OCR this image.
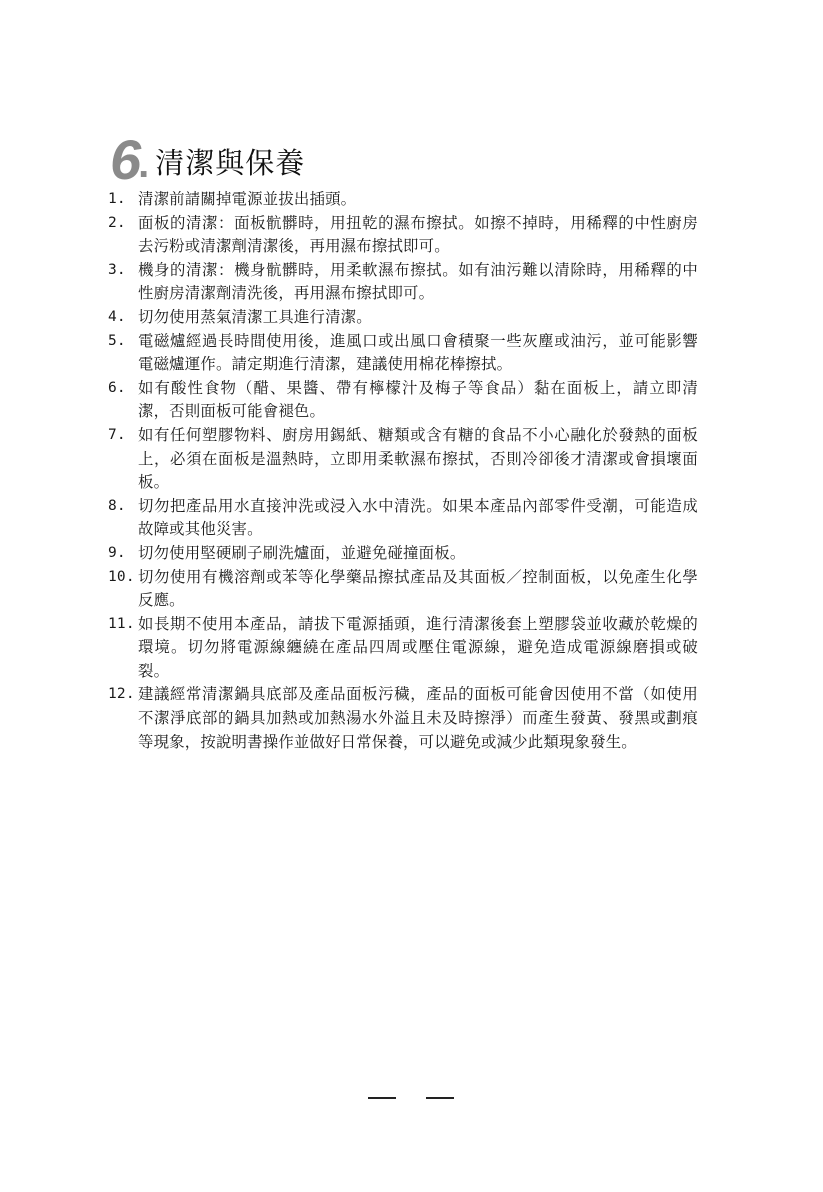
6
. 清潔與保養
1. 清潔前請關掉電源並拔出插頭。
2. 面板的清潔：面板骯髒時，用扭乾的濕布擦拭。如擦不掉時，用稀釋的中性廚房去污粉或清潔劑清潔後，再用濕布擦拭即可。
3. 機身的清潔：機身骯髒時，用柔軟濕布擦拭。如有油污難以清除時，用稀釋的中性廚房清潔劑清洗後，再用濕布擦拭即可。
4. 切勿使用蒸氣清潔工具進行清潔。
5. 電磁爐經過長時間使用後，進風口或出風口會積聚一些灰塵或油污，並可能影響電磁爐運作。請定期進行清潔，建議使用棉花棒擦拭。
6. 如有酸性食物（醋、果醬、帶有檸檬汁及梅子等食品）黏在面板上，請立即清潔，否則面板可能會褪色。
7. 如有任何塑膠物料、廚房用錫紙、糖類或含有糖的食品不小心融化於發熱的面板上，必須在面板是溫熱時，立即用柔軟濕布擦拭，否則冷卻後才清潔或會損壞面板。
8. 切勿把產品用水直接沖洗或浸入水中清洗。如果本產品內部零件受潮，可能造成故障或其他災害。
9. 切勿使用堅硬刷子刷洗爐面，並避免碰撞面板。
10. 切勿使用有機溶劑或苯等化學藥品擦拭產品及其面板／控制面板，以免產生化學反應。
11. 如長期不使用本產品，請拔下電源插頭，進行清潔後套上塑膠袋並收藏於乾燥的環境。切勿將電源線纏繞在產品四周或壓住電源線，避免造成電源線磨損或破裂。
12. 建議經常清潔鍋具底部及產品面板污穢，產品的面板可能會因使用不當（如使用不潔淨底部的鍋具加熱或加熱湯水外溢且未及時擦淨）而產生發黃、發黑或劃痕等現象，按說明書操作並做好日常保養，可以避免或減少此類現象發生。
